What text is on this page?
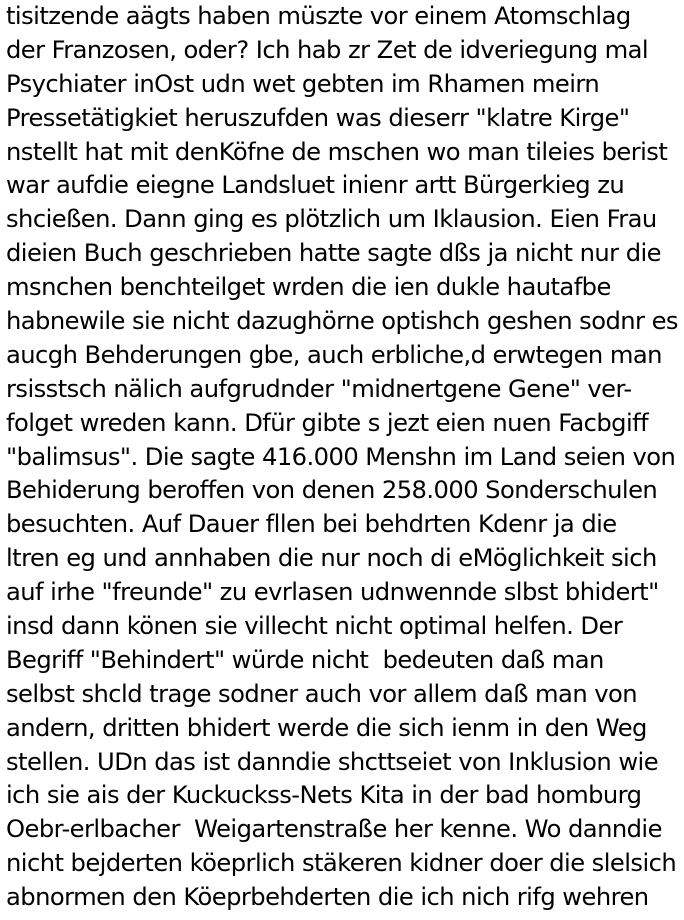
tisitzende aägts haben müszte vor einem Atomschlag
der Franzosen, oder? Ich hab zr Zet de idveriegung mal
Psychiater inOst udn wet gebten im Rhamen meirn
Pressetätigkiet heruszufden was dieserr "klatre Kirge"
nstellt hat mit denKöfne de mschen wo man tileies berist
war aufdie eiegne Landsluet inienr artt Bürgerkieg zu
shcießen. Dann ging es plötzlich um Iklausion. Eien Frau
dieien Buch geschrieben hatte sagte dßs ja nicht nur die
msnchen benchteilget wrden die ien dukle hautafbe
habnewile sie nicht dazughörne optishch geshen sodnr es
aucgh Behderungen gbe, auch erbliche,d erwtegen man
rsisstsch nälich aufgrudnder "midnertgene Gene" ver-
folget wreden kann. Dfür gibte s jezt eien nuen Facbgiff
"balimsus". Die sagte 416.000 Menshn im Land seien von
Behiderung beroffen von denen 258.000 Sonderschulen
besuchten. Auf Dauer fllen bei behdrten Kdenr ja die
ltren eg und annhaben die nur noch di eMöglichkeit sich
auf irhe "freunde" zu evrlasen udnwennde slbst bhidert"
insd dann könen sie villecht nicht optimal helfen. Der
Begriff "Behindert" würde nicht  bedeuten daß man
selbst shcld trage sodner auch vor allem daß man von
andern, dritten bhidert werde die sich ienm in den Weg
stellen. UDn das ist danndie shcttseiet von Inklusion wie
ich sie ais der Kuckuckss-Nets Kita in der bad homburg
Oebr-erlbacher  Weigartenstraße her kenne. Wo danndie
nicht bejderten köeprlich stäkeren kidner doer die slelsich
abnormen den Köeprbehderten die ich nich rifg wehren
